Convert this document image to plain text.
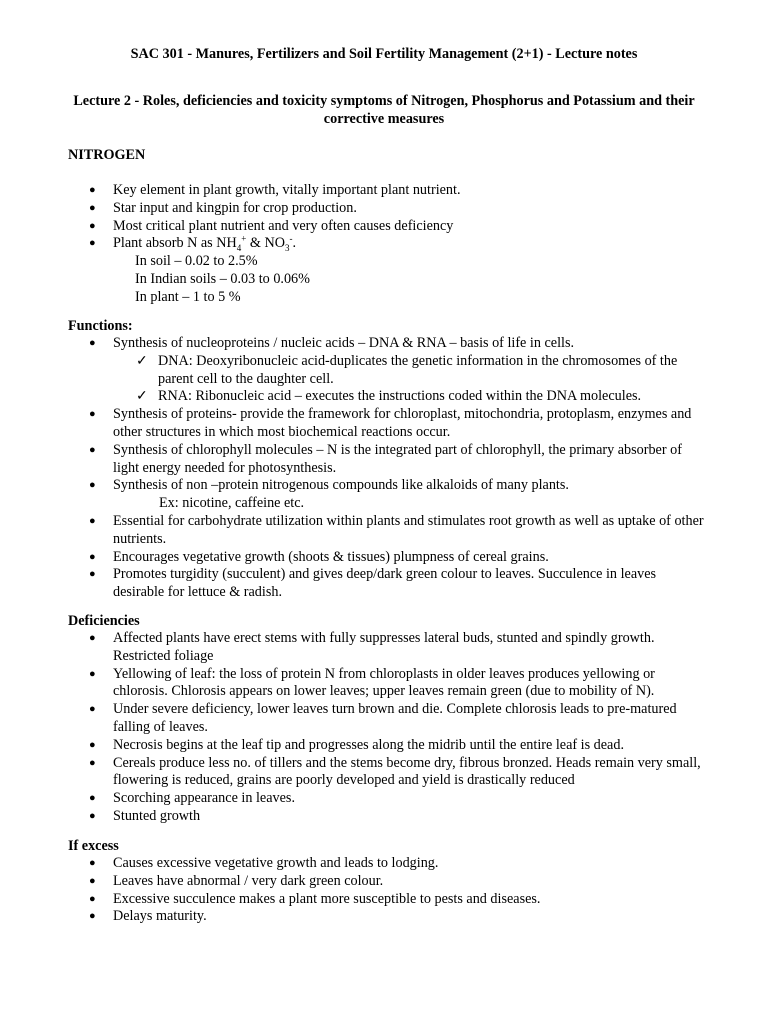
SAC 301 - Manures, Fertilizers and Soil Fertility Management (2+1) - Lecture notes
Lecture 2 - Roles, deficiencies and toxicity symptoms of Nitrogen, Phosphorus and Potassium and their corrective measures
NITROGEN
● Key element in plant growth, vitally important plant nutrient.
● Star input and kingpin for crop production.
● Most critical plant nutrient and very often causes deficiency
● Plant absorb N as $NH_4^+$ & $NO_3^-$.
In soil – 0.02 to 2.5%
In Indian soils – 0.03 to 0.06%
In plant – 1 to 5 %
Functions:
● Synthesis of nucleoproteins / nucleic acids – DNA & RNA – basis of life in cells.
✓ DNA: Deoxyribonucleic acid-duplicates the genetic information in the chromosomes of the parent cell to the daughter cell.
✓ RNA: Ribonucleic acid – executes the instructions coded within the DNA molecules.
● Synthesis of proteins- provide the framework for chloroplast, mitochondria, protoplasm, enzymes and other structures in which most biochemical reactions occur.
● Synthesis of chlorophyll molecules – N is the integrated part of chlorophyll, the primary absorber of light energy needed for photosynthesis.
● Synthesis of non –protein nitrogenous compounds like alkaloids of many plants.
Ex: nicotine, caffeine etc.
● Essential for carbohydrate utilization within plants and stimulates root growth as well as uptake of other nutrients.
● Encourages vegetative growth (shoots & tissues) plumpness of cereal grains.
● Promotes turgidity (succulent) and gives deep/dark green colour to leaves. Succulence in leaves desirable for lettuce & radish.
Deficiencies
● Affected plants have erect stems with fully suppresses lateral buds, stunted and spindly growth. Restricted foliage
● Yellowing of leaf: the loss of protein N from chloroplasts in older leaves produces yellowing or chlorosis. Chlorosis appears on lower leaves; upper leaves remain green (due to mobility of N).
● Under severe deficiency, lower leaves turn brown and die. Complete chlorosis leads to pre-matured falling of leaves.
● Necrosis begins at the leaf tip and progresses along the midrib until the entire leaf is dead.
● Cereals produce less no. of tillers and the stems become dry, fibrous bronzed. Heads remain very small, flowering is reduced, grains are poorly developed and yield is drastically reduced
● Scorching appearance in leaves.
● Stunted growth
If excess
● Causes excessive vegetative growth and leads to lodging.
● Leaves have abnormal / very dark green colour.
● Excessive succulence makes a plant more susceptible to pests and diseases.
● Delays maturity.
